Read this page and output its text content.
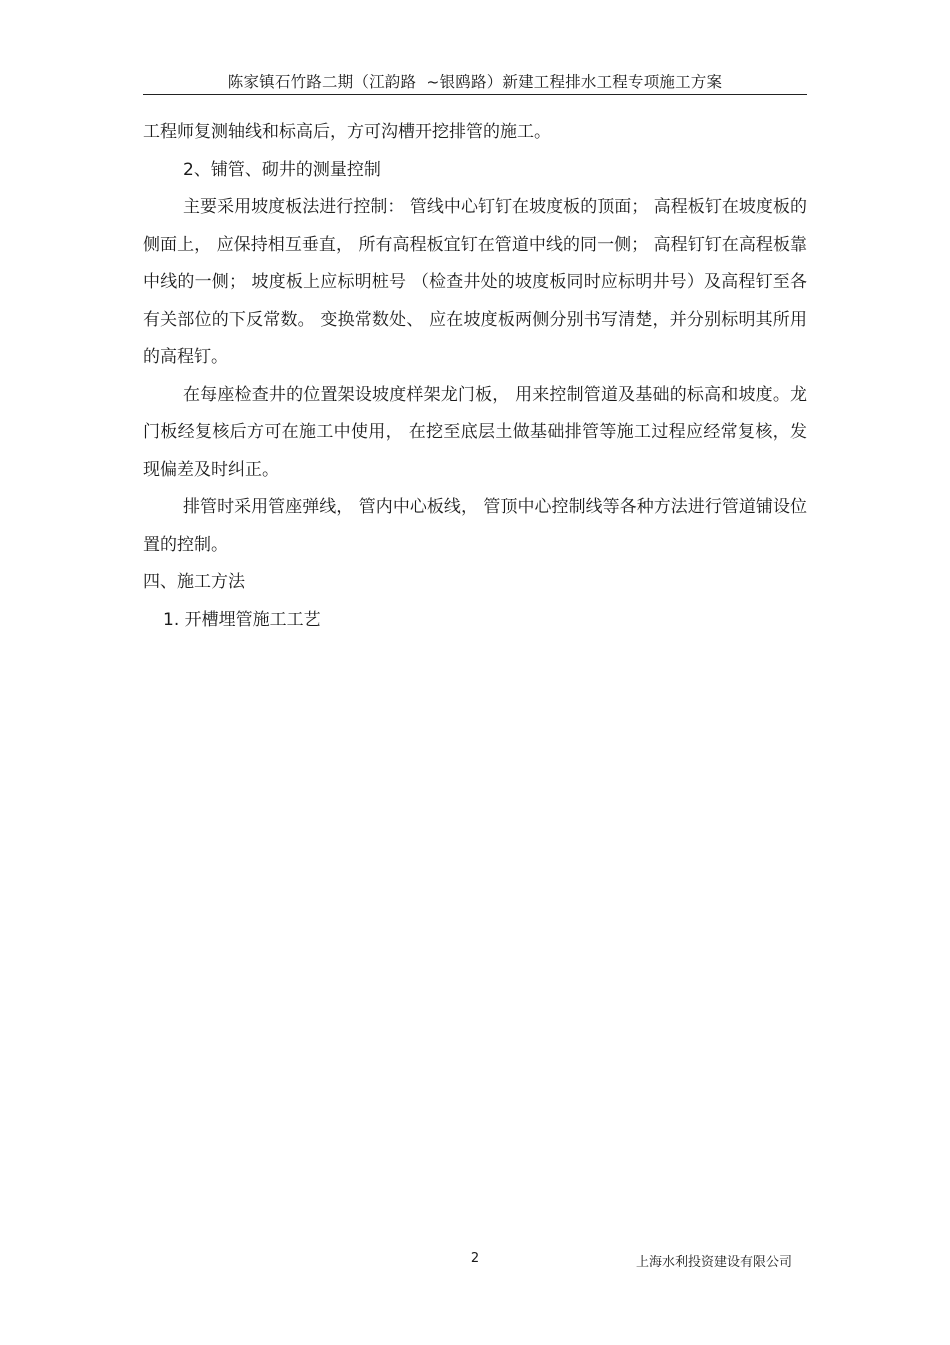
陈家镇石竹路二期（江韵路  ~银鸥路）新建工程排水工程专项施工方案

工程师复测轴线和标高后，方可沟槽开挖排管的施工。

2、铺管、砌井的测量控制

主要采用坡度板法进行控制： 管线中心钉钉在坡度板的顶面； 高程板钉在坡度板的侧面上， 应保持相互垂直， 所有高程板宜钉在管道中线的同一侧； 高程钉钉在高程板靠中线的一侧； 坡度板上应标明桩号 （检查井处的坡度板同时应标明井号）及高程钉至各有关部位的下反常数。 变换常数处、 应在坡度板两侧分别书写清楚，并分别标明其所用的高程钉。

在每座检查井的位置架设坡度样架龙门板， 用来控制管道及基础的标高和坡度。龙门板经复核后方可在施工中使用， 在挖至底层土做基础排管等施工过程应经常复核，发现偏差及时纠正。

排管时采用管座弹线， 管内中心板线， 管顶中心控制线等各种方法进行管道铺设位置的控制。

四、施工方法

1. 开槽埋管施工工艺

2	上海水利投资建设有限公司
